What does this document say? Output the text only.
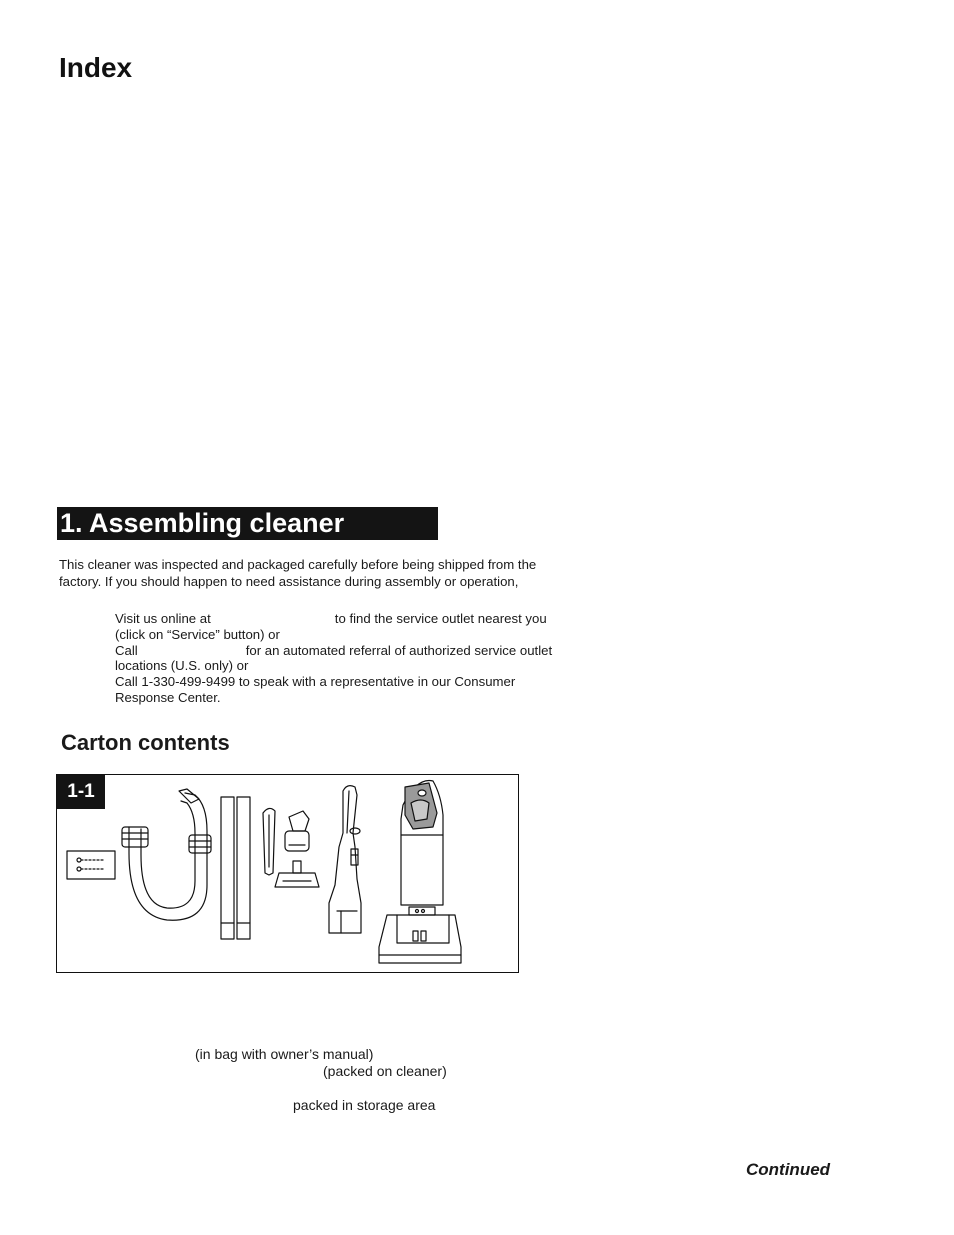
Index
1. Assembling cleaner

This cleaner was inspected and packaged carefully before being shipped from the factory. If you should happen to need assistance during assembly or operation,

Visit us online at	to find the service outlet nearest you (click on “Service” button) or
Call	for an automated referral of authorized service outlet locations (U.S. only) or
Call 1-330-499-9499 to speak with a representative in our Consumer Response Center.
Carton contents
1-1
(in bag with owner’s manual)
(packed on cleaner)
packed in storage area
Continued
